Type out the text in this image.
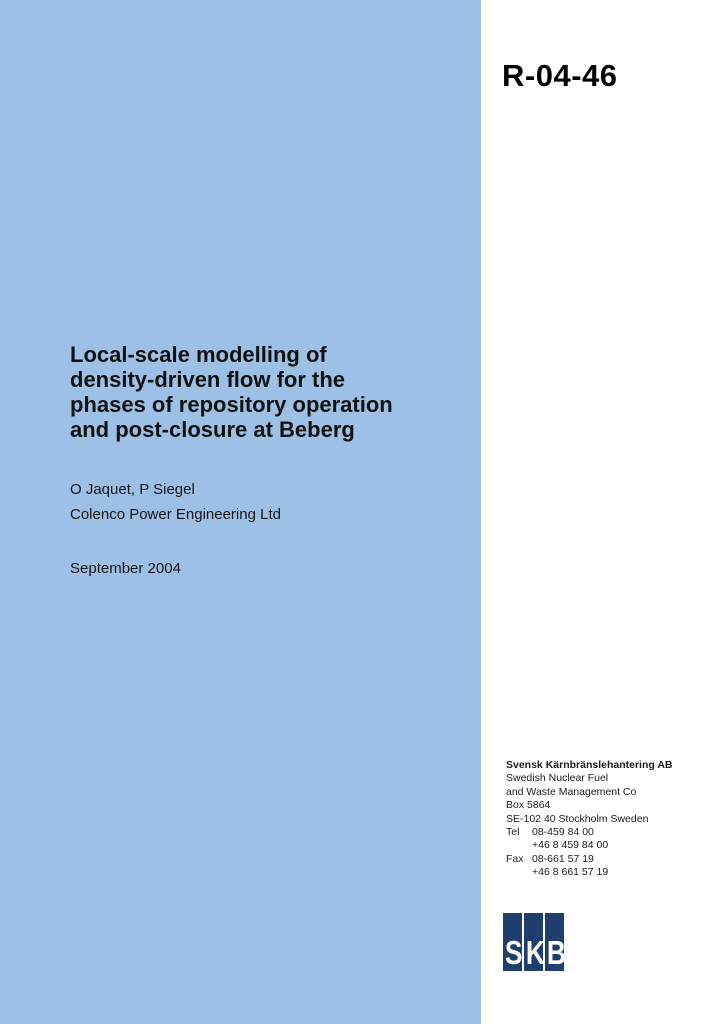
R-04-46
Local-scale modelling of
density-driven flow for the
phases of repository operation
and post-closure at Beberg
O Jaquet, P Siegel
Colenco Power Engineering Ltd
September 2004
Svensk Kärnbränslehantering AB
Swedish Nuclear Fuel
and Waste Management Co
Box 5864
SE-102 40 Stockholm Sweden
Tel	08-459 84 00
+46 8 459 84 00
Fax 08-661 57 19
+46 8 661 57 19
S K B
